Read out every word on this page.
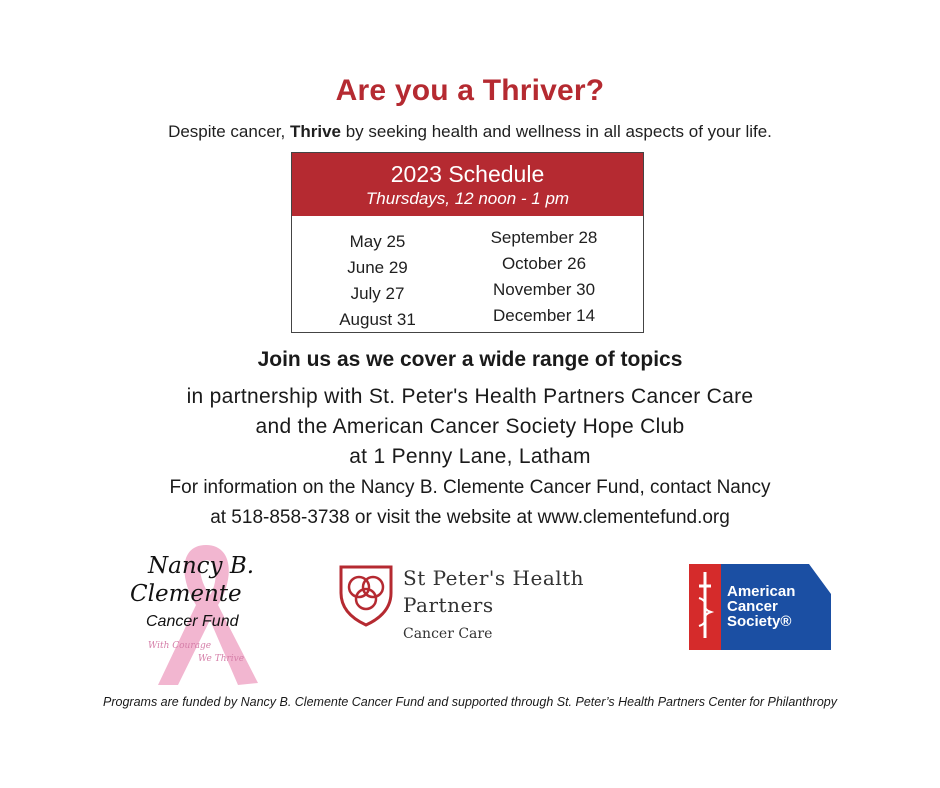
Are you a Thriver?
Despite cancer, Thrive by seeking health and wellness in all aspects of your life.
2023 Schedule
Thursdays, 12 noon - 1 pm
May 25
June 29
July 27
August 31
September 28
October 26
November 30
December 14
Join us as we cover a wide range of topics
in partnership with St. Peter's Health Partners Cancer Care
and the American Cancer Society Hope Club
at 1 Penny Lane, Latham
For information on the Nancy B. Clemente Cancer Fund, contact Nancy
at 518-858-3738 or visit the website at www.clementefund.org
Nancy B.
Clemente
Cancer Fund
With Courage
We Thrive
St Peter's Health
Partners
Cancer Care
American
Cancer
Society®
Programs are funded by Nancy B. Clemente Cancer Fund and supported through St. Peter’s Health Partners Center for Philanthropy
